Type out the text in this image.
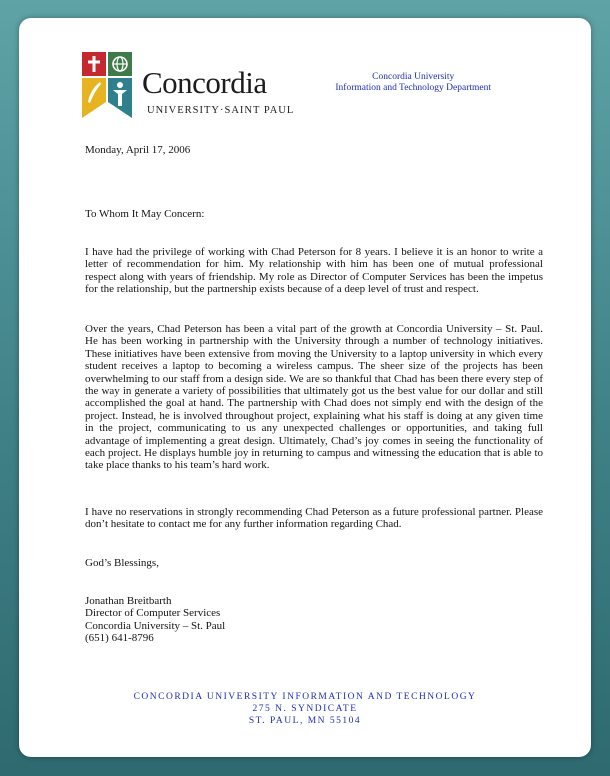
Concordia
UNIVERSITY·SAINT PAUL
Concordia University
Information and Technology Department
Monday, April 17, 2006
To Whom It May Concern:
I have had the privilege of working with Chad Peterson for 8 years. I believe it is an honor to write a letter of recommendation for him. My relationship with him has been one of mutual professional respect along with years of friendship. My role as Director of Computer Services has been the impetus for the relationship, but the partnership exists because of a deep level of trust and respect.
Over the years, Chad Peterson has been a vital part of the growth at Concordia University – St. Paul. He has been working in partnership with the University through a number of technology initiatives. These initiatives have been extensive from moving the University to a laptop university in which every student receives a laptop to becoming a wireless campus. The sheer size of the projects has been overwhelming to our staff from a design side. We are so thankful that Chad has been there every step of the way in generate a variety of possibilities that ultimately got us the best value for our dollar and still accomplished the goal at hand. The partnership with Chad does not simply end with the design of the project. Instead, he is involved throughout project, explaining what his staff is doing at any given time in the project, communicating to us any unexpected challenges or opportunities, and taking full advantage of implementing a great design. Ultimately, Chad’s joy comes in seeing the functionality of each project. He displays humble joy in returning to campus and witnessing the education that is able to take place thanks to his team’s hard work.
I have no reservations in strongly recommending Chad Peterson as a future professional partner. Please don’t hesitate to contact me for any further information regarding Chad.
God’s Blessings,
Jonathan Breitbarth
Director of Computer Services
Concordia University – St. Paul
(651) 641-8796
CONCORDIA UNIVERSITY INFORMATION AND TECHNOLOGY
275 N. SYNDICATE
ST. PAUL, MN 55104
